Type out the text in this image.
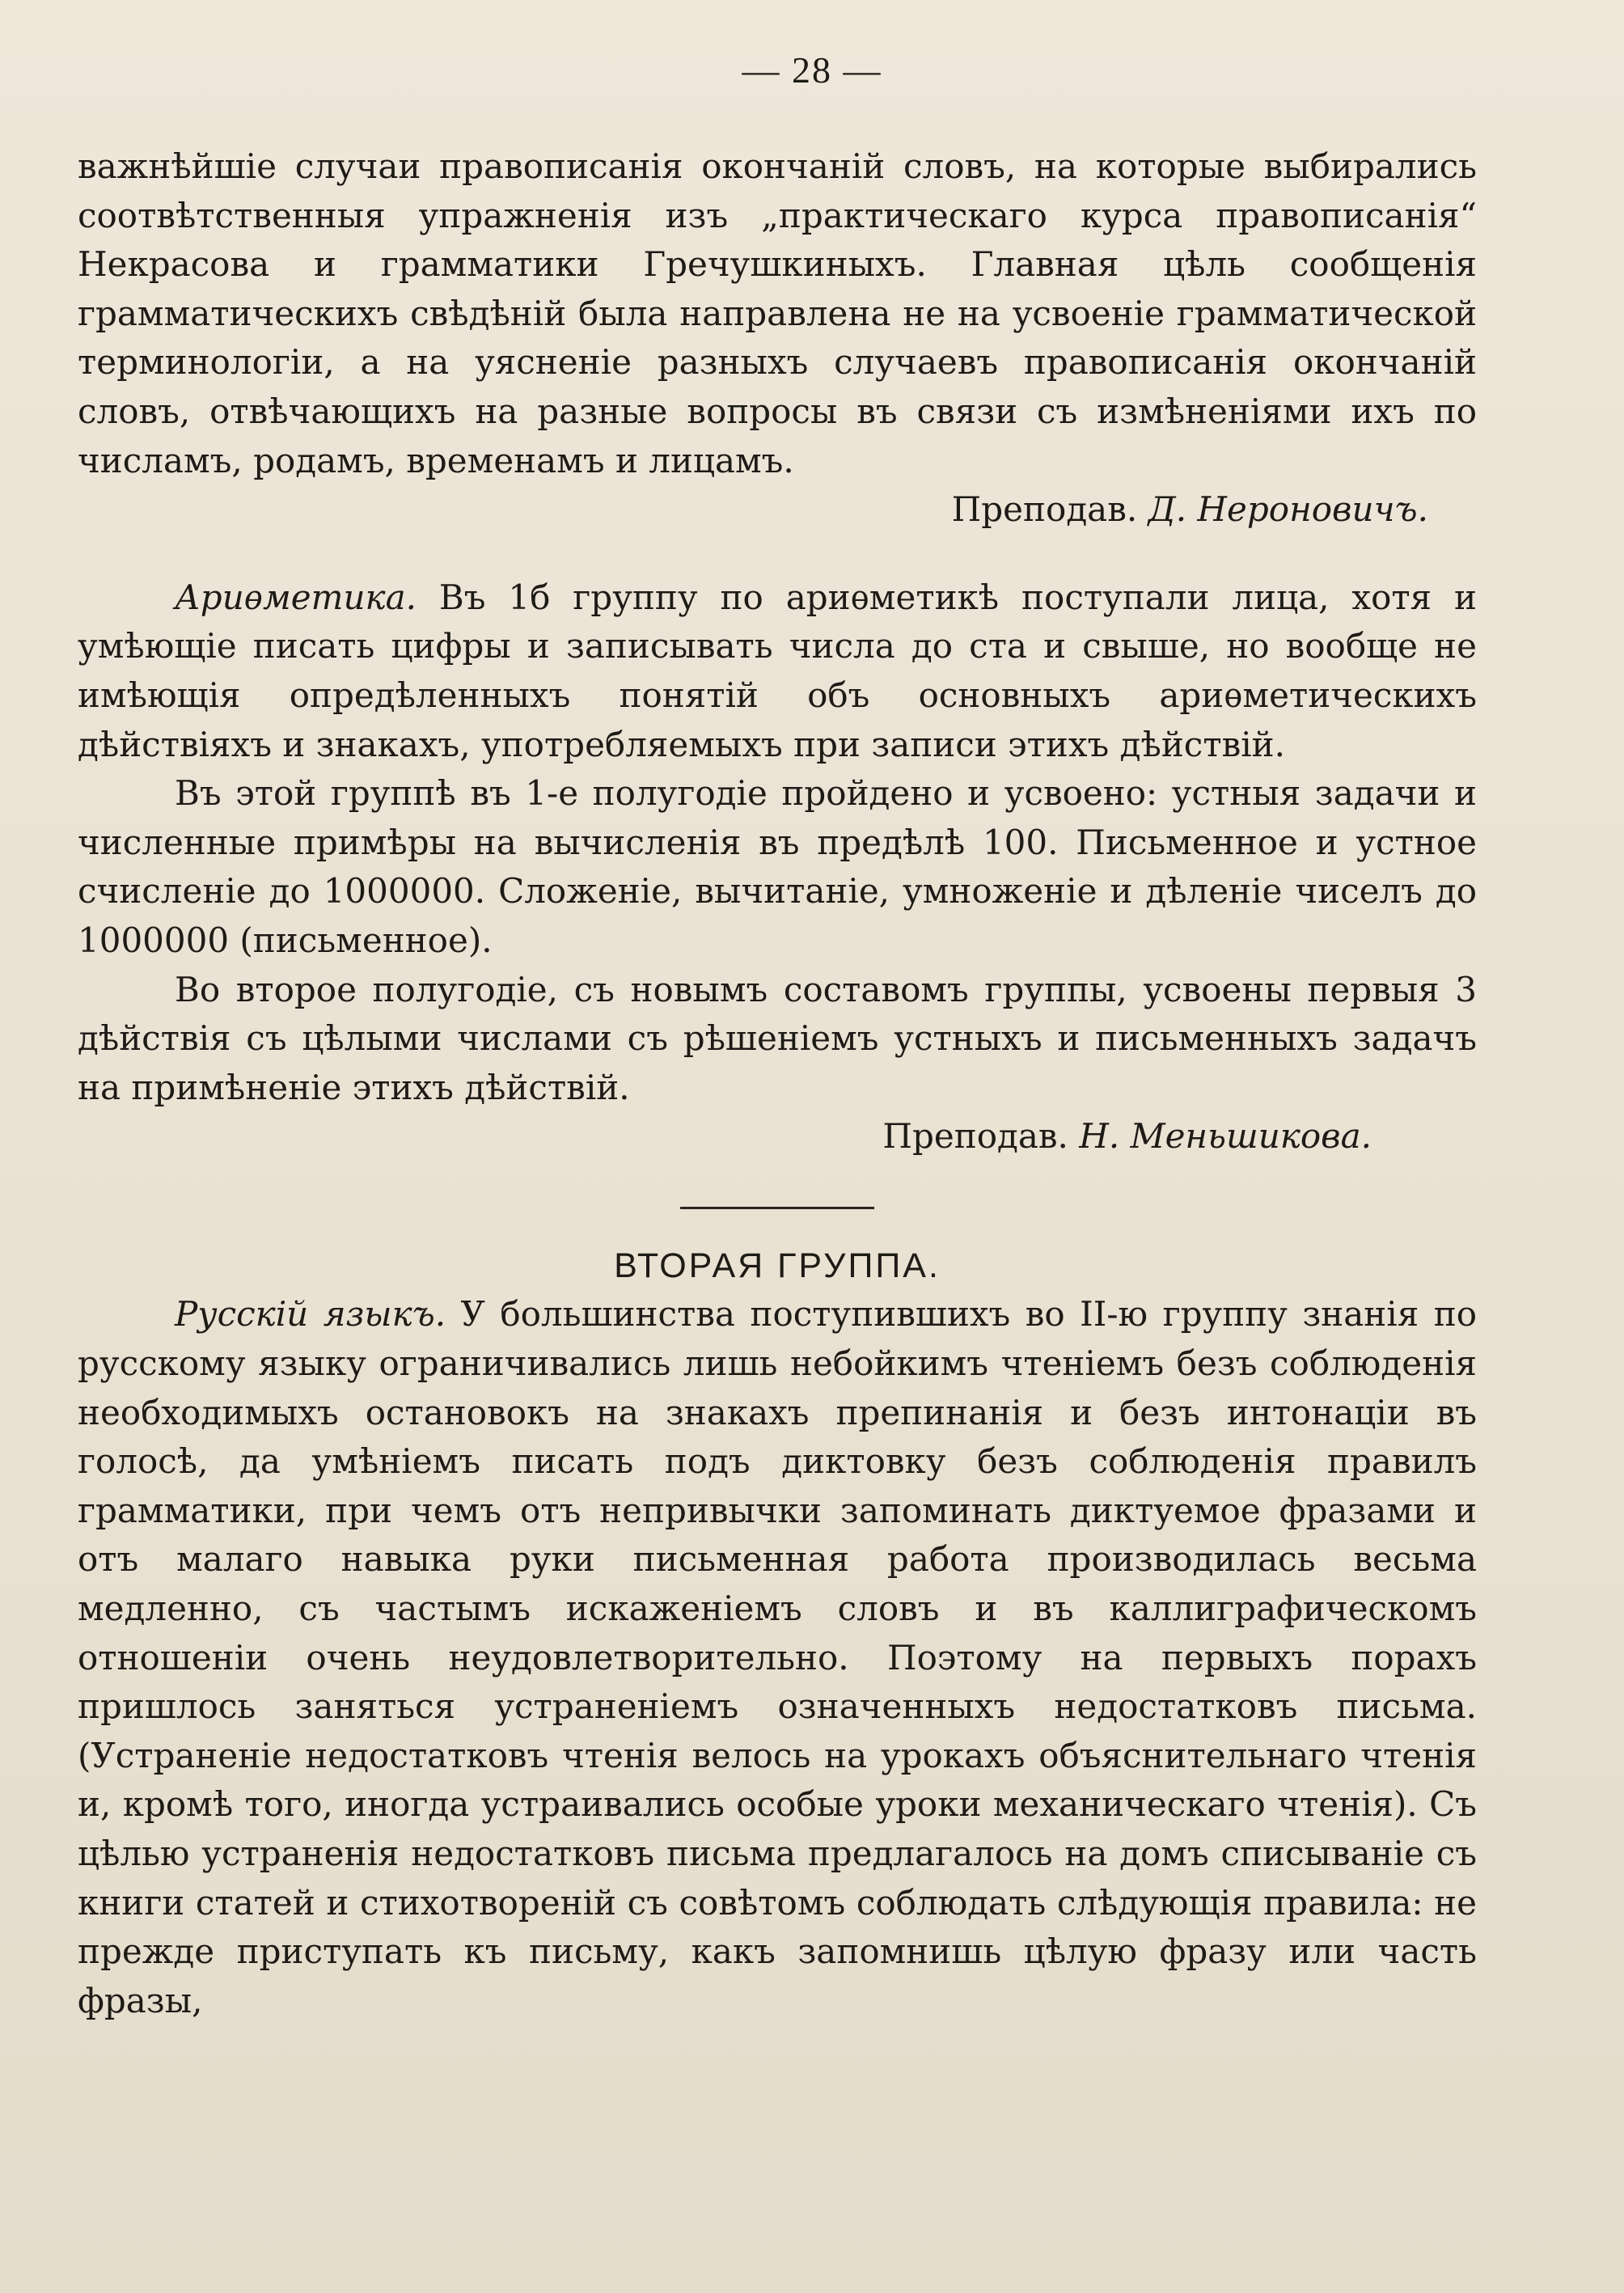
— 28 —

важнѣйшіе случаи правописанія окончаній словъ, на которые выбирались соотвѣтственныя упражненія изъ „практическаго курса правописанія“ Некрасова и грамматики Гречушкиныхъ. Главная цѣль сообщенія грамматическихъ свѣдѣній была направлена не на усвоеніе грамматической терминологіи, а на уясненіе разныхъ случаевъ правописанія окончаній словъ, отвѣчающихъ на разные вопросы въ связи съ измѣненіями ихъ по числамъ, родамъ, временамъ и лицамъ.

Преподав. Д. Нероновичъ.

Ариѳметика. Въ 1б группу по ариѳметикѣ поступали лица, хотя и умѣющіе писать цифры и записывать числа до ста и свыше, но вообще не имѣющія опредѣленныхъ понятій объ основныхъ ариѳметическихъ дѣйствіяхъ и знакахъ, употребляемыхъ при записи этихъ дѣйствій.

Въ этой группѣ въ 1-е полугодіе пройдено и усвоено: устныя задачи и численные примѣры на вычисленія въ предѣлѣ 100. Письменное и устное счисленіе до 1000000. Сложеніе, вычитаніе, умноженіе и дѣленіе чиселъ до 1000000 (письменное).

Во второе полугодіе, съ новымъ составомъ группы, усвоены первыя 3 дѣйствія съ цѣлыми числами съ рѣшеніемъ устныхъ и письменныхъ задачъ на примѣненіе этихъ дѣйствій.

Преподав. Н. Меньшикова.

ВТОРАЯ ГРУППА.

Русскій языкъ. У большинства поступившихъ во II-ю группу знанія по русскому языку ограничивались лишь небойкимъ чтеніемъ безъ соблюденія необходимыхъ остановокъ на знакахъ препинанія и безъ интонаціи въ голосѣ, да умѣніемъ писать подъ диктовку безъ соблюденія правилъ грамматики, при чемъ отъ непривычки запоминать диктуемое фразами и отъ малаго навыка руки письменная работа производилась весьма медленно, съ частымъ искаженіемъ словъ и въ каллиграфическомъ отношеніи очень неудовлетворительно. Поэтому на первыхъ порахъ пришлось заняться устраненіемъ означенныхъ недостатковъ письма. (Устраненіе недостатковъ чтенія велось на урокахъ объяснительнаго чтенія и, кромѣ того, иногда устраивались особые уроки механическаго чтенія). Съ цѣлью устраненія недостатковъ письма предлагалось на домъ списываніе съ книги статей и стихотвореній съ совѣтомъ соблюдать слѣдующія правила: не прежде приступать къ письму, какъ запомнишь цѣлую фразу или часть фразы,
